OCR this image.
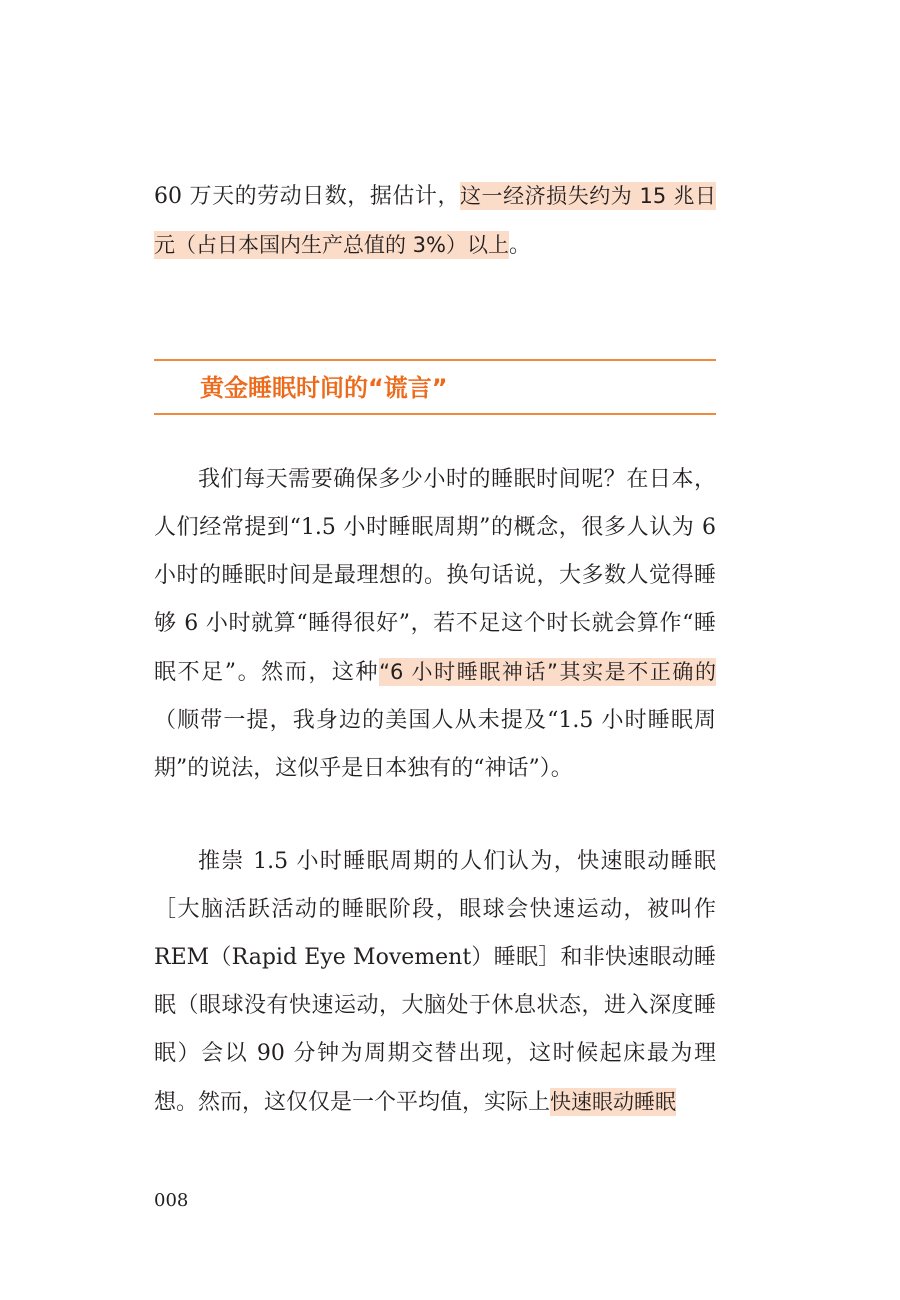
60 万天的劳动日数，据估计，这一经济损失约为 15 兆日元（占日本国内生产总值的 3%）以上。

黄金睡眠时间的“谎言”

我们每天需要确保多少小时的睡眠时间呢？在日本，人们经常提到“1.5 小时睡眠周期”的概念，很多人认为 6 小时的睡眠时间是最理想的。换句话说，大多数人觉得睡够 6 小时就算“睡得很好”，若不足这个时长就会算作“睡眠不足”。然而，这种“6 小时睡眠神话”其实是不正确的（顺带一提，我身边的美国人从未提及“1.5 小时睡眠周期”的说法，这似乎是日本独有的“神话”）。

推崇 1.5 小时睡眠周期的人们认为，快速眼动睡眠［大脑活跃活动的睡眠阶段，眼球会快速运动，被叫作 REM（Rapid Eye Movement）睡眠］和非快速眼动睡眠（眼球没有快速运动，大脑处于休息状态，进入深度睡眠）会以 90 分钟为周期交替出现，这时候起床最为理想。然而，这仅仅是一个平均值，实际上快速眼动睡眠

008
